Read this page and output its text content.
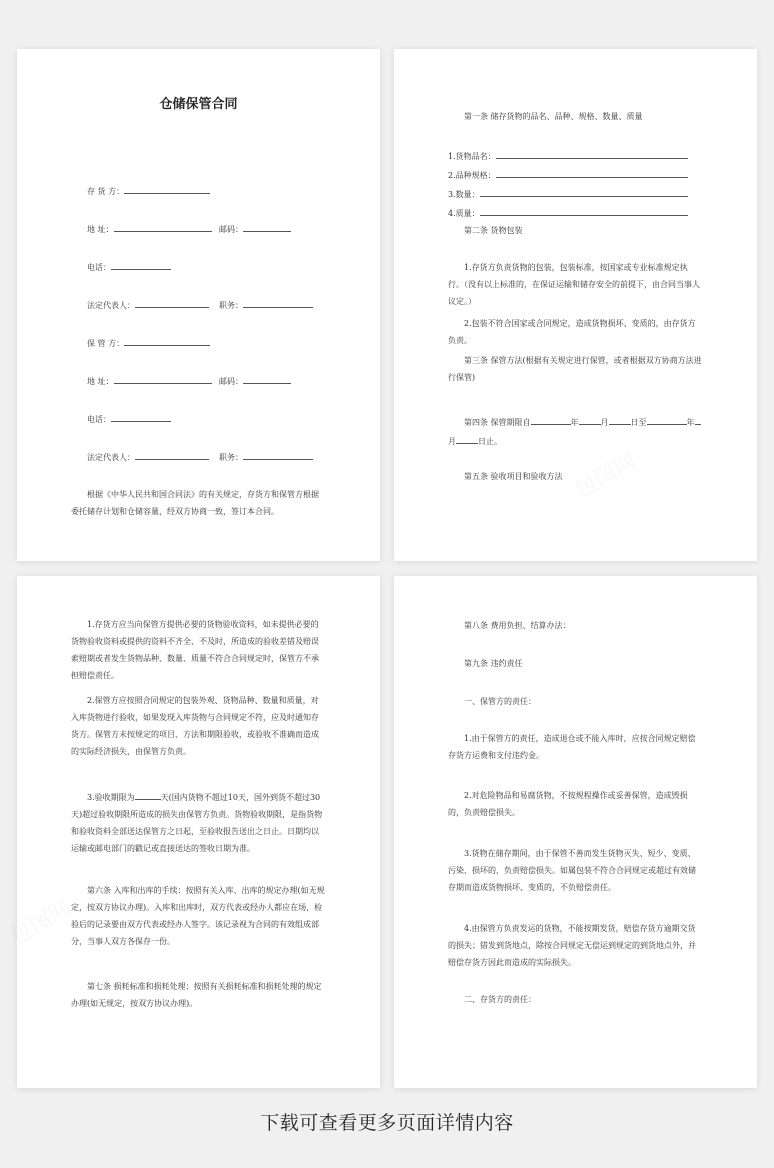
仓储保管合同
存 货 方：
地 址：	邮码：
电话：
法定代表人：	职务：
保 管 方：
地 址：	邮码：
电话：
法定代表人：	职务：
根据《中华人民共和国合同法》的有关规定，存货方和保管方根据委托储存计划和仓储容量，经双方协商一致，签订本合同。
第一条 储存货物的品名、品种、规格、数量、质量
1.货物品名：
2.品种规格：
3.数量：
4.质量：
第二条 货物包装
1.存货方负责货物的包装，包装标准，按国家或专业标准规定执行。（没有以上标准的，在保证运输和储存安全的前提下，由合同当事人议定。）
2.包装不符合国家或合同规定，造成货物损坏、变质的，由存货方负责。
第三条 保管方法(根据有关规定进行保管，或者根据双方协商方法进行保管)
第四条 保管期限自	年	月	日至	年
月	日止。
第五条 验收项目和验收方法
1.存货方应当向保管方提供必要的货物验收资料，如未提供必要的货物验收资料或提供的资料不齐全、不及时，所造成的验收差错及赔误索赔期或者发生货物品种、数量、质量不符合合同规定时，保管方不承担赔偿责任。
2.保管方应按照合同规定的包装外观、货物品种、数量和质量，对入库货物进行验收，如果发现入库货物与合同规定不符，应及时通知存货方。保管方未按规定的项目、方法和期限验收，或验收不准确而造成的实际经济损失，由保管方负责。
3.验收期限为	天(国内货物不超过10天，国外到货不超过30天)超过验收期限所造成的损失由保管方负责。货物验收期限，是指货物和验收资料全部送达保管方之日起，至验收报告送出之日止。日期均以运输或邮电部门的戳记或直接送达的签收日期为准。
第六条 入库和出库的手续：按照有关入库、出库的规定办理(如无规定，按双方协议办理)。入库和出库时，双方代表或经办人都应在场，检验后的记录要由双方代表或经办人签字。该记录视为合同的有效组成部分，当事人双方各保存一份。
第七条 损耗标准和损耗处理：按照有关损耗标准和损耗处理的规定办理(如无规定，按双方协议办理)。
第八条 费用负担、结算办法：
第九条 违约责任
一、保管方的责任：
1.由于保管方的责任，造成退仓或不能入库时，应按合同规定赔偿存货方运费和支付违约金。
2.对危险物品和易腐货物，不按规程操作或妥善保管，造成毁损的，负责赔偿损失。
3.货物在储存期间，由于保管不善而发生货物灭失、短少、变质、污染、损坏的，负责赔偿损失。如属包装不符合合同规定或超过有效储存期而造成货物损坏、变质的，不负赔偿责任。
4.由保管方负责发运的货物，不能按期发货，赔偿存货方逾期交货的损失；错发到货地点，除按合同规定无偿运到规定的到货地点外，并赔偿存货方因此而造成的实际损失。
二、存货方的责任：
下载可查看更多页面详情内容
